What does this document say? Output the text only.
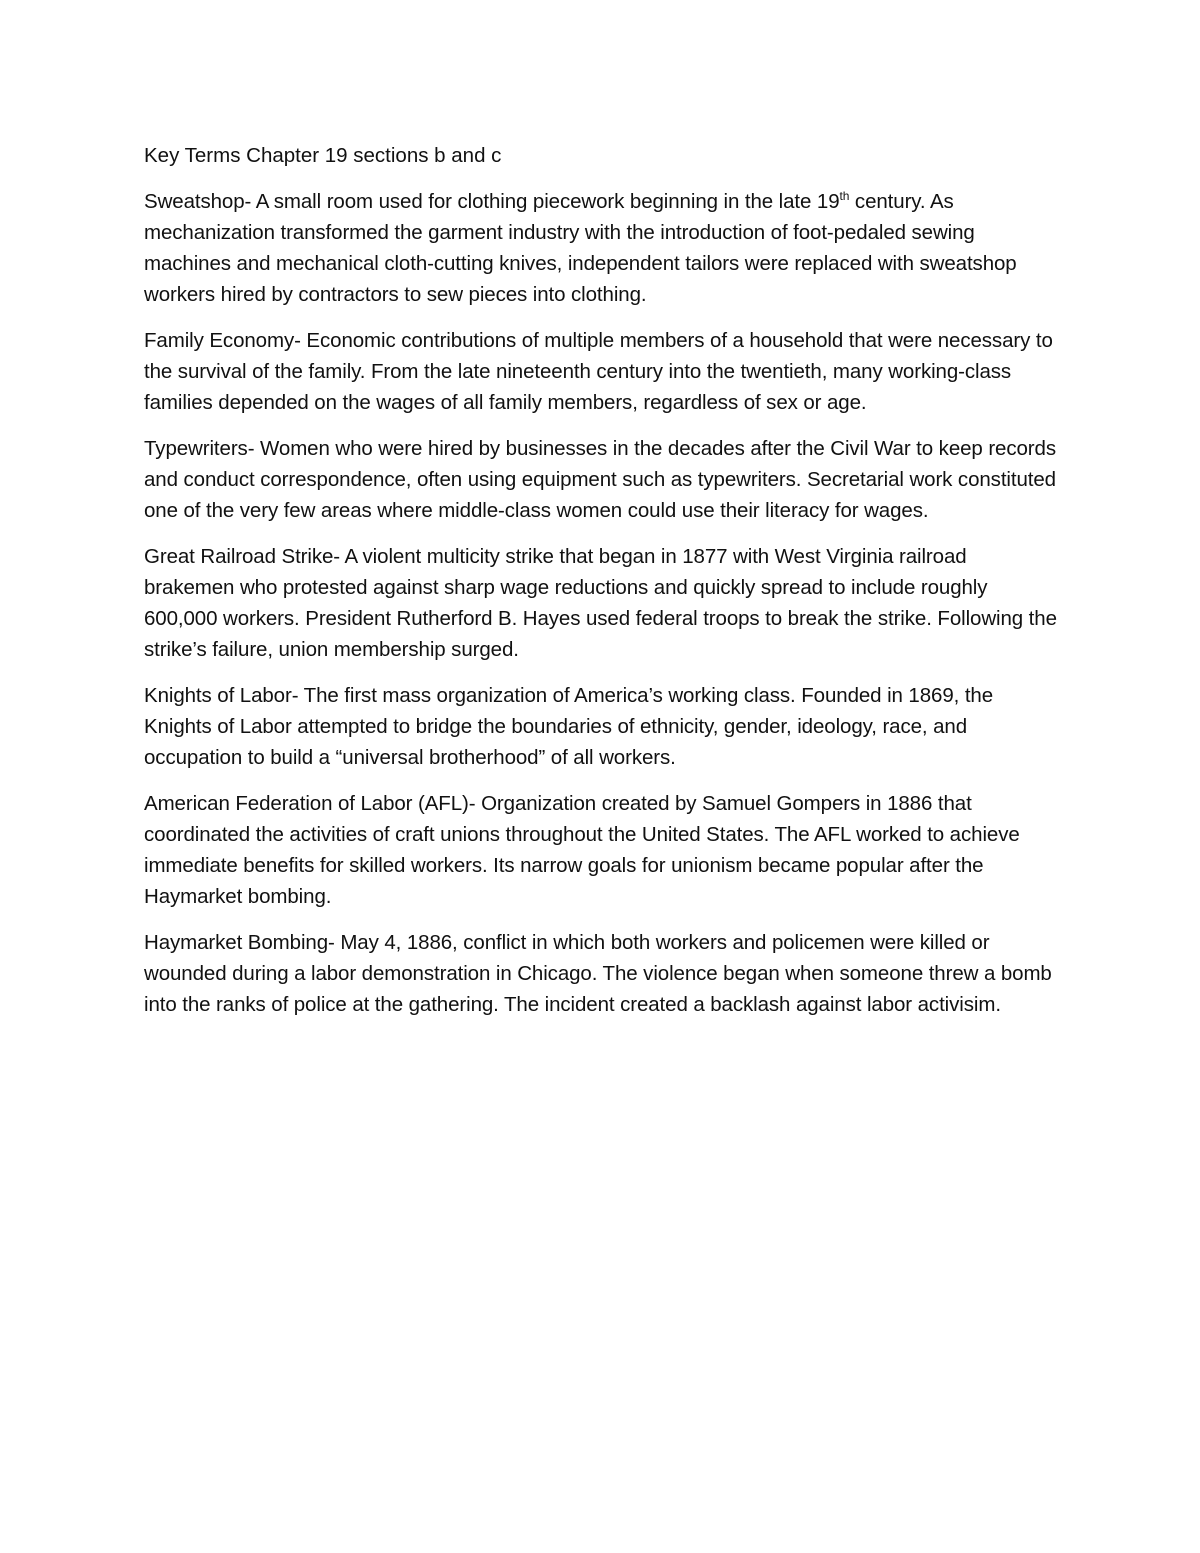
Key Terms Chapter 19 sections b and c

Sweatshop- A small room used for clothing piecework beginning in the late 19th century. As mechanization transformed the garment industry with the introduction of foot-pedaled sewing machines and mechanical cloth-cutting knives, independent tailors were replaced with sweatshop workers hired by contractors to sew pieces into clothing.

Family Economy- Economic contributions of multiple members of a household that were necessary to the survival of the family. From the late nineteenth century into the twentieth, many working-class families depended on the wages of all family members, regardless of sex or age.

Typewriters- Women who were hired by businesses in the decades after the Civil War to keep records and conduct correspondence, often using equipment such as typewriters. Secretarial work constituted one of the very few areas where middle-class women could use their literacy for wages.

Great Railroad Strike- A violent multicity strike that began in 1877 with West Virginia railroad brakemen who protested against sharp wage reductions and quickly spread to include roughly 600,000 workers. President Rutherford B. Hayes used federal troops to break the strike. Following the strike’s failure, union membership surged.

Knights of Labor- The first mass organization of America’s working class. Founded in 1869, the Knights of Labor attempted to bridge the boundaries of ethnicity, gender, ideology, race, and occupation to build a “universal brotherhood” of all workers.

American Federation of Labor (AFL)- Organization created by Samuel Gompers in 1886 that coordinated the activities of craft unions throughout the United States. The AFL worked to achieve immediate benefits for skilled workers. Its narrow goals for unionism became popular after the Haymarket bombing.

Haymarket Bombing- May 4, 1886, conflict in which both workers and policemen were killed or wounded during a labor demonstration in Chicago. The violence began when someone threw a bomb into the ranks of police at the gathering. The incident created a backlash against labor activisim.
